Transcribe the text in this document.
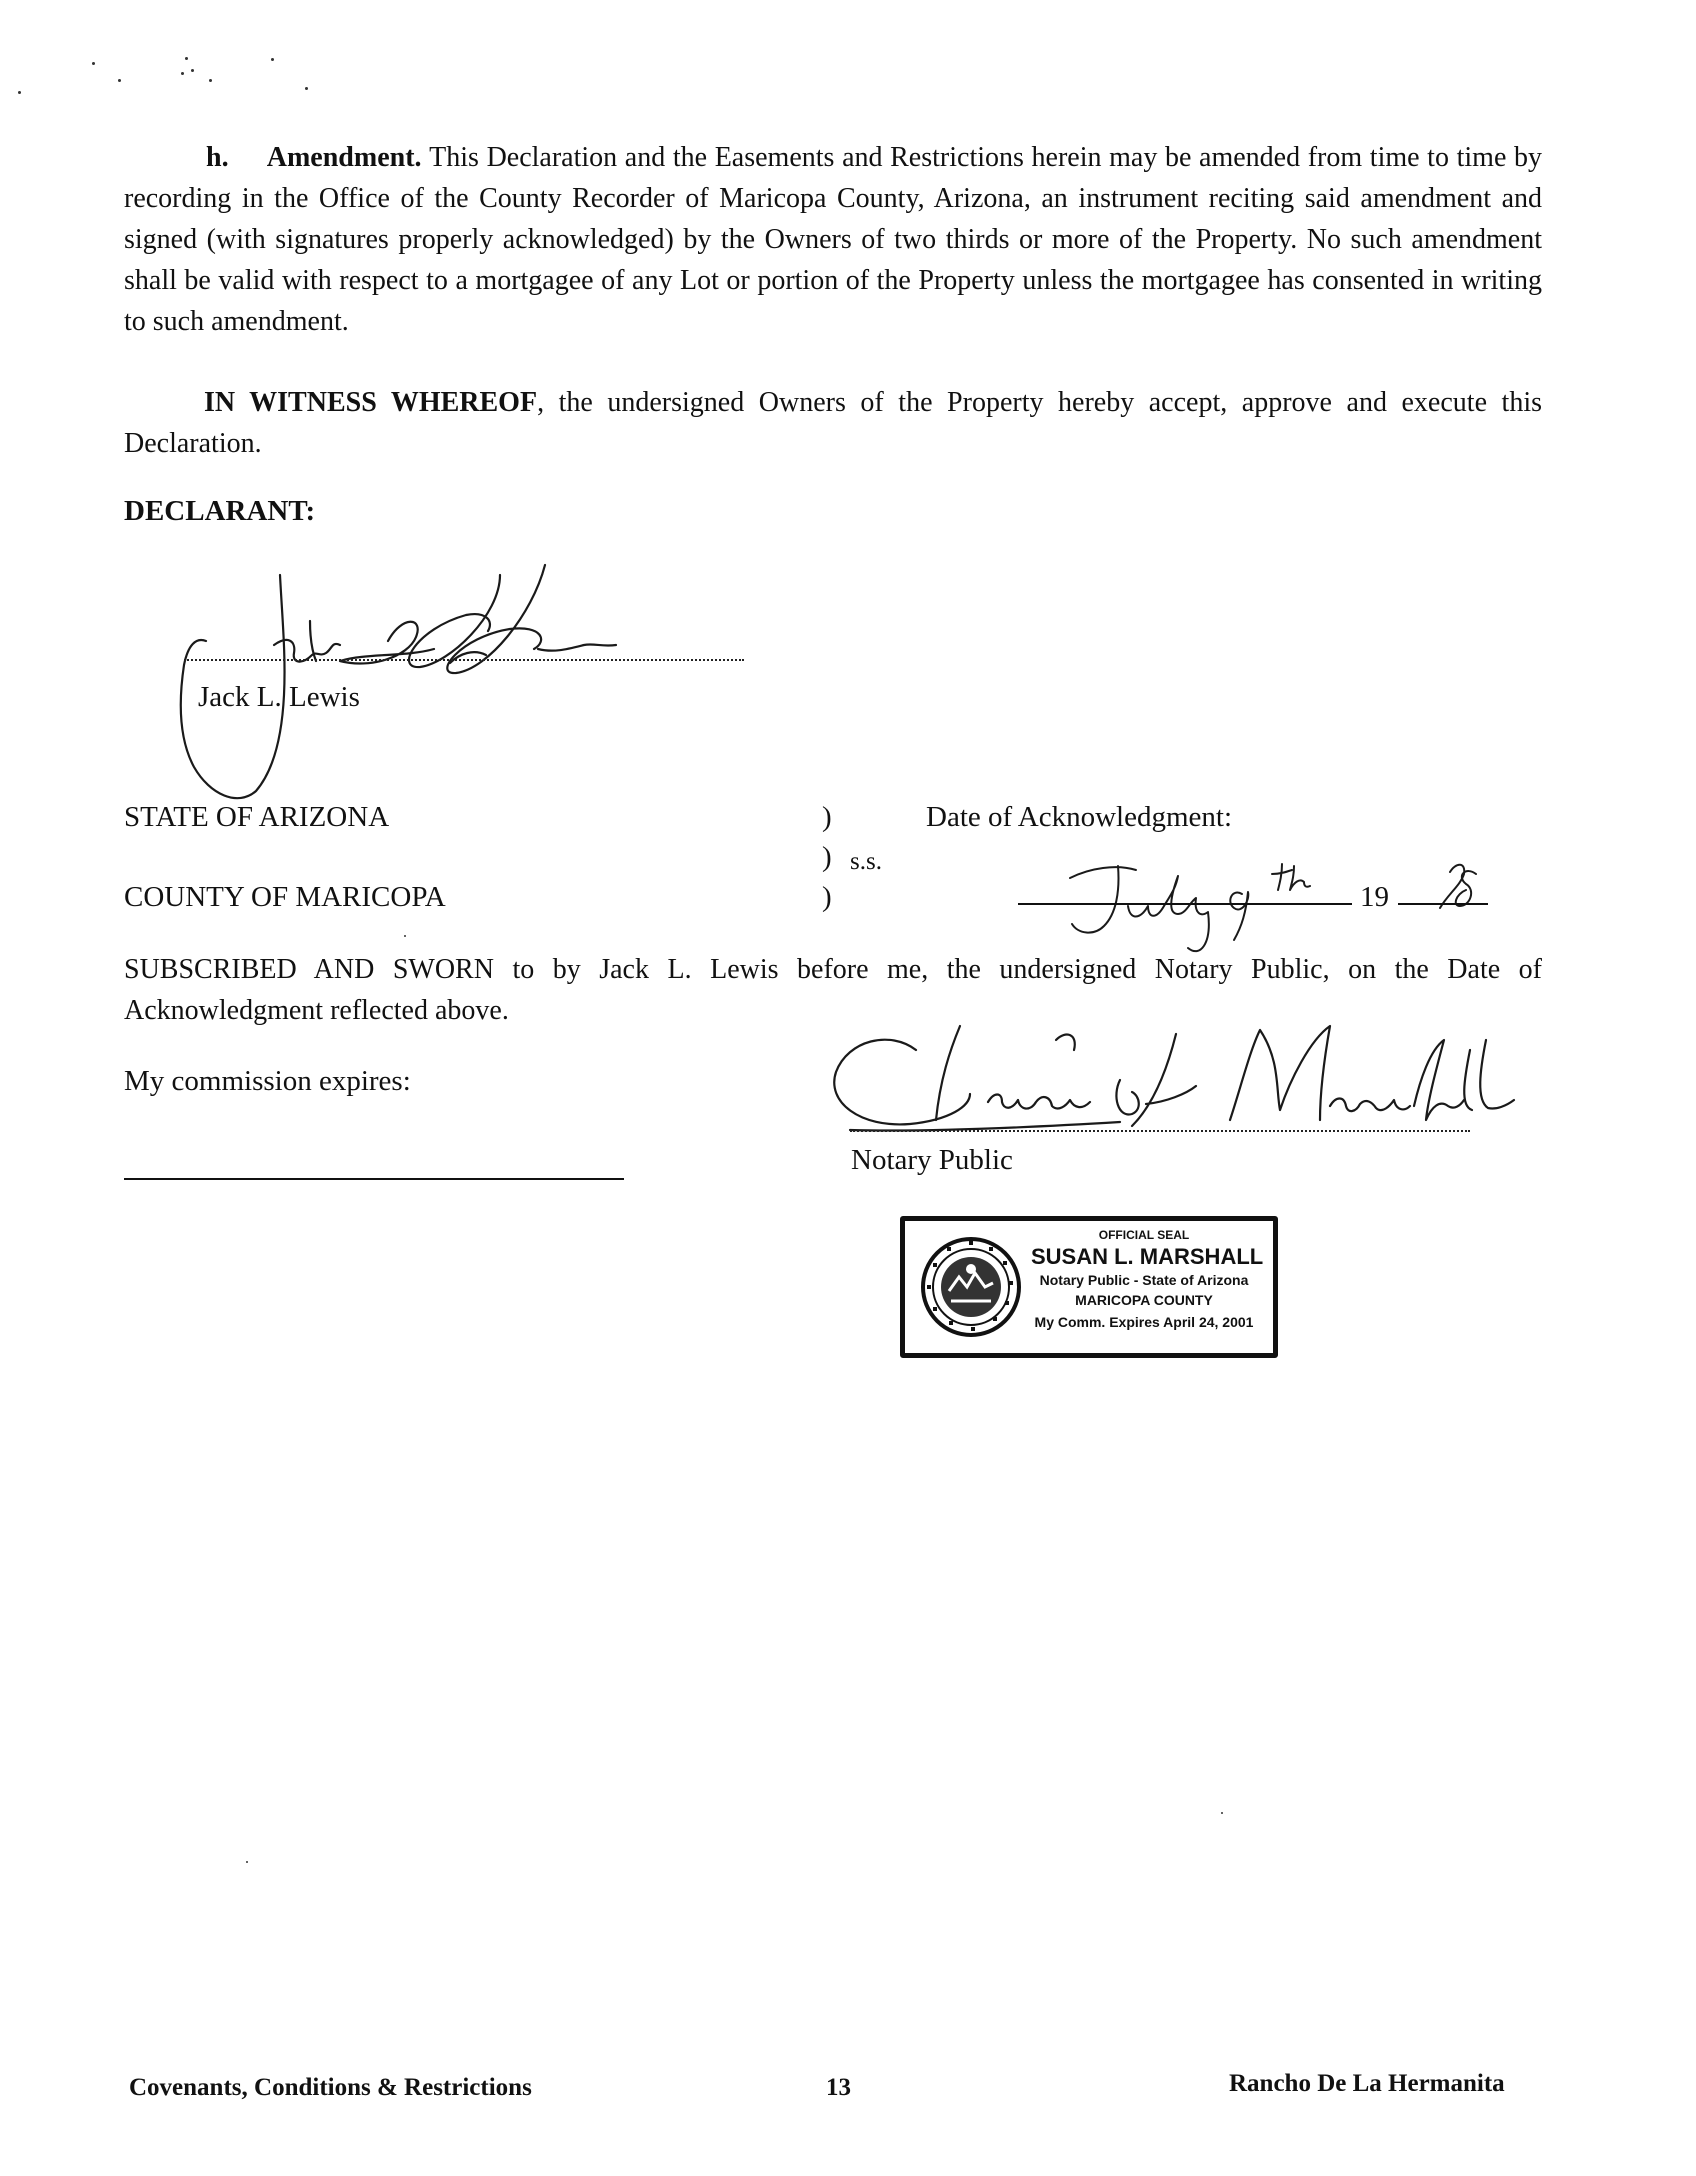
h. Amendment. This Declaration and the Easements and Restrictions herein may be amended from time to time by recording in the Office of the County Recorder of Maricopa County, Arizona, an instrument reciting said amendment and signed (with signatures properly acknowledged) by the Owners of two thirds or more of the Property. No such amendment shall be valid with respect to a mortgagee of any Lot or portion of the Property unless the mortgagee has consented in writing to such amendment.
IN WITNESS WHEREOF, the undersigned Owners of the Property hereby accept, approve and execute this Declaration.
DECLARANT:
Jack L. Lewis
Jack L. Lewis
STATE OF ARIZONA
COUNTY OF MARICOPA
)
) s.s.
)
Date of Acknowledgment:
July 9th
19
98
SUBSCRIBED AND SWORN to by Jack L. Lewis before me, the undersigned Notary Public, on the Date of Acknowledgment reflected above.
My commission expires:	Susan L. Marshall
Notary Public
OFFICIAL SEAL
SUSAN L. MARSHALL
Notary Public - State of Arizona
MARICOPA COUNTY
My Comm. Expires April 24, 2001
Covenants, Conditions & Restrictions	13	Rancho De La Hermanita
